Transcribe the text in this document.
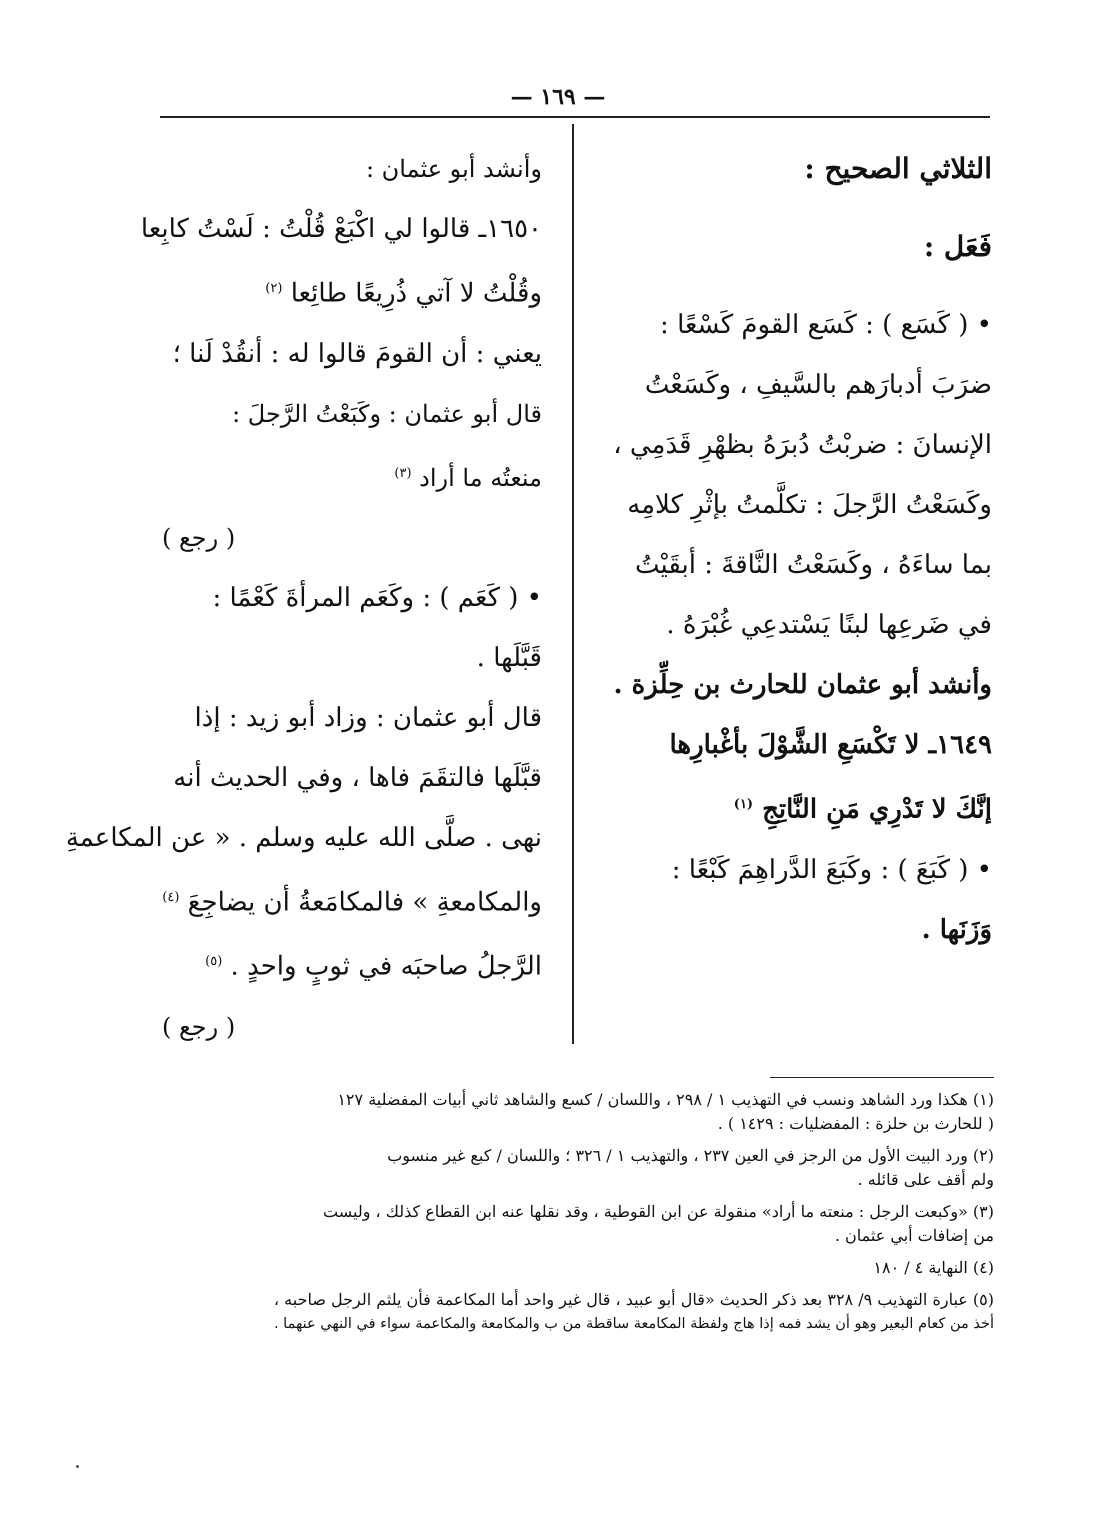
— ١٦٩ —
الثلاثي الصحيح :
فَعَل :
• ( كَسَع ) : كَسَع القومَ كَسْعًا :
ضرَبَ أدبارَهم بالسَّيفِ ، وكَسَعْتُ
الإنسانَ : ضربْتُ دُبرَهُ بظهْرِ قَدَمِي ،
وكَسَعْتُ الرَّجلَ : تكلَّمتُ بإثْرِ كلامِه
بما ساءَهُ ، وكَسَعْتُ النَّاقةَ : أبقَيْتُ
في ضَرعِها لبنًا يَسْتدعِي غُبْرَهُ .
وأنشد أبو عثمان للحارث بن حِلِّزة .
١٦٤٩ـ لا تَكْسَعِ الشَّوْلَ بأغْبارِها
إنَّكَ لا تَدْرِي مَنِ النَّاتِجِ $^{(١)}$
• ( كَبَعَ ) : وكَبَعَ الدَّراهِمَ كَبْعًا :
وَزَنَها .
وأنشد أبو عثمان :
١٦٥٠ـ قالوا لي اكْبَعْ قُلْتُ : لَسْتُ كابِعا
وقُلْتُ لا آتي ذُرِيعًا طائِعا $^{(٢)}$
يعني : أن القومَ قالوا له : أنقُدْ لَنا ؛
قال أبو عثمان : وكَبَعْتُ الرَّجلَ :
منعتُه ما أراد $^{(٣)}$
( رجع )
• ( كَعَم ) : وكَعَم المرأةَ كَعْمًا :
قَبَّلَها .
قال أبو عثمان : وزاد أبو زيد : إذا
قبَّلَها فالتقَمَ فاها ، وفي الحديث أنه
نهى . صلَّى الله عليه وسلم . « عن المكاعمةِ
والمكامعةِ » فالمكامَعةُ أن يضاجِعَ $^{(٤)}$
الرَّجلُ صاحبَه في ثوبٍ واحدٍ . $^{(٥)}$
( رجع )
(١) هكذا ورد الشاهد ونسب في التهذيب ١ / ٢٩٨ ، واللسان / كسع والشاهد ثاني أبيات المفضلية ١٢٧
( للحارث بن حلزة : المفضليات : ١٤٢٩ ) .
(٢) ورد البيت الأول من الرجز في العين ٢٣٧ ، والتهذيب ١ / ٣٢٦ ؛ واللسان / كبع غير منسوب
ولم أقف على قائله .
(٣) «وكبعت الرجل : منعته ما أراد» منقولة عن ابن القوطية ، وقد نقلها عنه ابن القطاع كذلك ، وليست
من إضافات أبي عثمان .
(٤) النهاية ٤ / ١٨٠
(٥) عبارة التهذيب ٩/ ٣٢٨ بعد ذكر الحديث «قال أبو عبيد ، قال غير واحد أما المكاعمة فأن يلثم الرجل صاحبه ،
أخذ من كعام البعير وهو أن يشد فمه إذا هاج ولفظة المكامعة ساقطة من ب والمكامعة والمكاعمة سواء في النهي عنهما .
